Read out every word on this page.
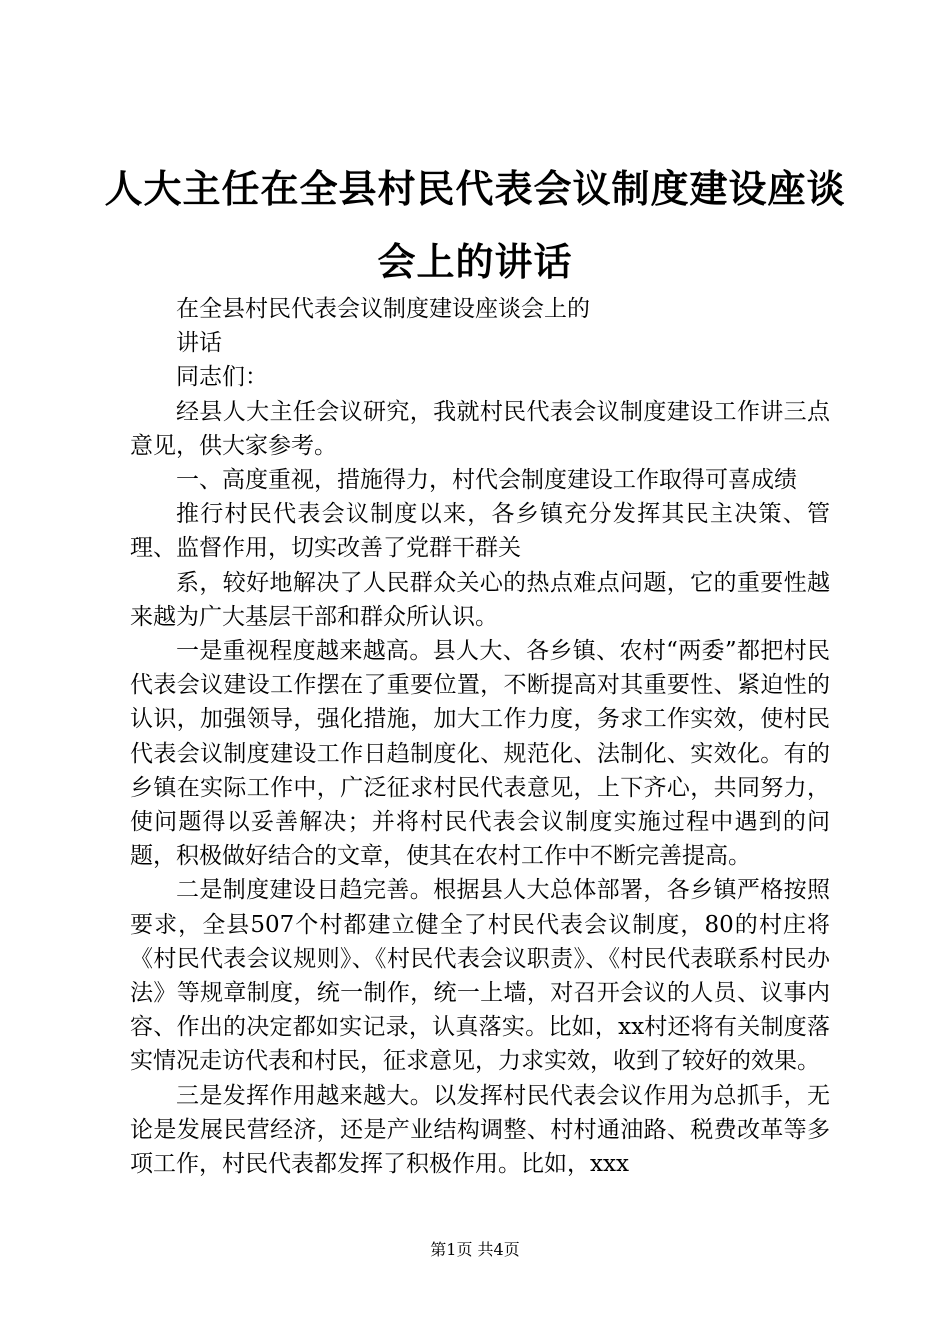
人大主任在全县村民代表会议制度建设座谈会上的讲话

在全县村民代表会议制度建设座谈会上的

讲话

同志们：

经县人大主任会议研究，我就村民代表会议制度建设工作讲三点意见，供大家参考。

一、高度重视，措施得力，村代会制度建设工作取得可喜成绩

推行村民代表会议制度以来，各乡镇充分发挥其民主决策、管理、监督作用，切实改善了党群干群关

系，较好地解决了人民群众关心的热点难点问题，它的重要性越来越为广大基层干部和群众所认识。

一是重视程度越来越高。县人大、各乡镇、农村“两委”都把村民代表会议建设工作摆在了重要位置，不断提高对其重要性、紧迫性的认识，加强领导，强化措施，加大工作力度，务求工作实效，使村民代表会议制度建设工作日趋制度化、规范化、法制化、实效化。有的乡镇在实际工作中，广泛征求村民代表意见，上下齐心，共同努力，使问题得以妥善解决；并将村民代表会议制度实施过程中遇到的问题，积极做好结合的文章，使其在农村工作中不断完善提高。

二是制度建设日趋完善。根据县人大总体部署，各乡镇严格按照要求，全县507个村都建立健全了村民代表会议制度，80的村庄将《村民代表会议规则》、《村民代表会议职责》、《村民代表联系村民办法》等规章制度，统一制作，统一上墙，对召开会议的人员、议事内容、作出的决定都如实记录，认真落实。比如，xx村还将有关制度落实情况走访代表和村民，征求意见，力求实效，收到了较好的效果。

三是发挥作用越来越大。以发挥村民代表会议作用为总抓手，无论是发展民营经济，还是产业结构调整、村村通油路、税费改革等多项工作，村民代表都发挥了积极作用。比如，xxx

第1页 共4页
